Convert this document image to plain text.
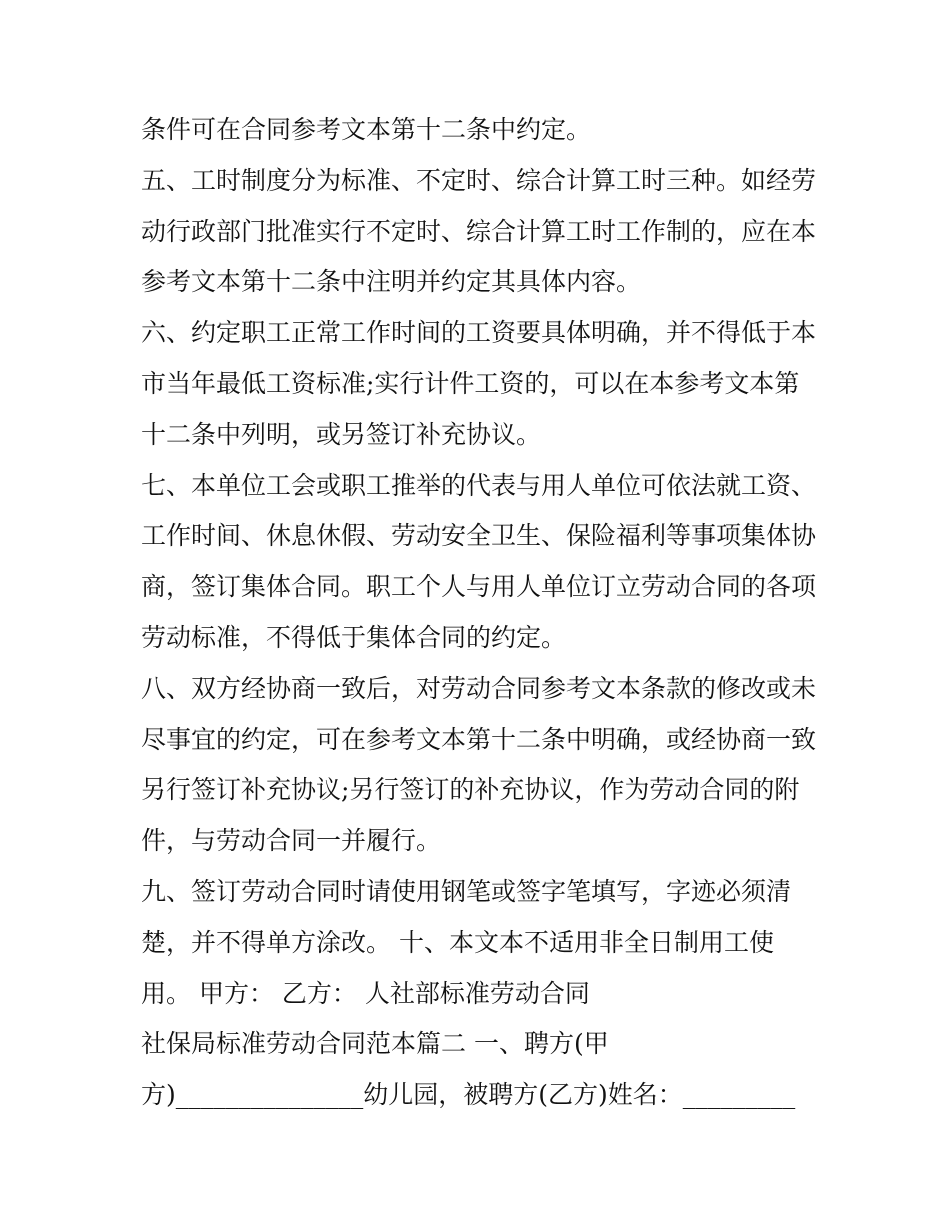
条件可在合同参考文本第十二条中约定。
五、工时制度分为标准、不定时、综合计算工时三种。如经劳
动行政部门批准实行不定时、综合计算工时工作制的，应在本
参考文本第十二条中注明并约定其具体内容。
六、约定职工正常工作时间的工资要具体明确，并不得低于本
市当年最低工资标准;实行计件工资的，可以在本参考文本第
十二条中列明，或另签订补充协议。
七、本单位工会或职工推举的代表与用人单位可依法就工资、
工作时间、休息休假、劳动安全卫生、保险福利等事项集体协
商，签订集体合同。职工个人与用人单位订立劳动合同的各项
劳动标准，不得低于集体合同的约定。
八、双方经协商一致后，对劳动合同参考文本条款的修改或未
尽事宜的约定，可在参考文本第十二条中明确，或经协商一致
另行签订补充协议;另行签订的补充协议，作为劳动合同的附
件，与劳动合同一并履行。
九、签订劳动合同时请使用钢笔或签字笔填写，字迹必须清
楚，并不得单方涂改。 十、本文本不适用非全日制用工使
用。 甲方： 乙方： 人社部标准劳动合同
社保局标准劳动合同范本篇二 一、聘方(甲
方)_______________幼儿园，被聘方(乙方)姓名：_________
